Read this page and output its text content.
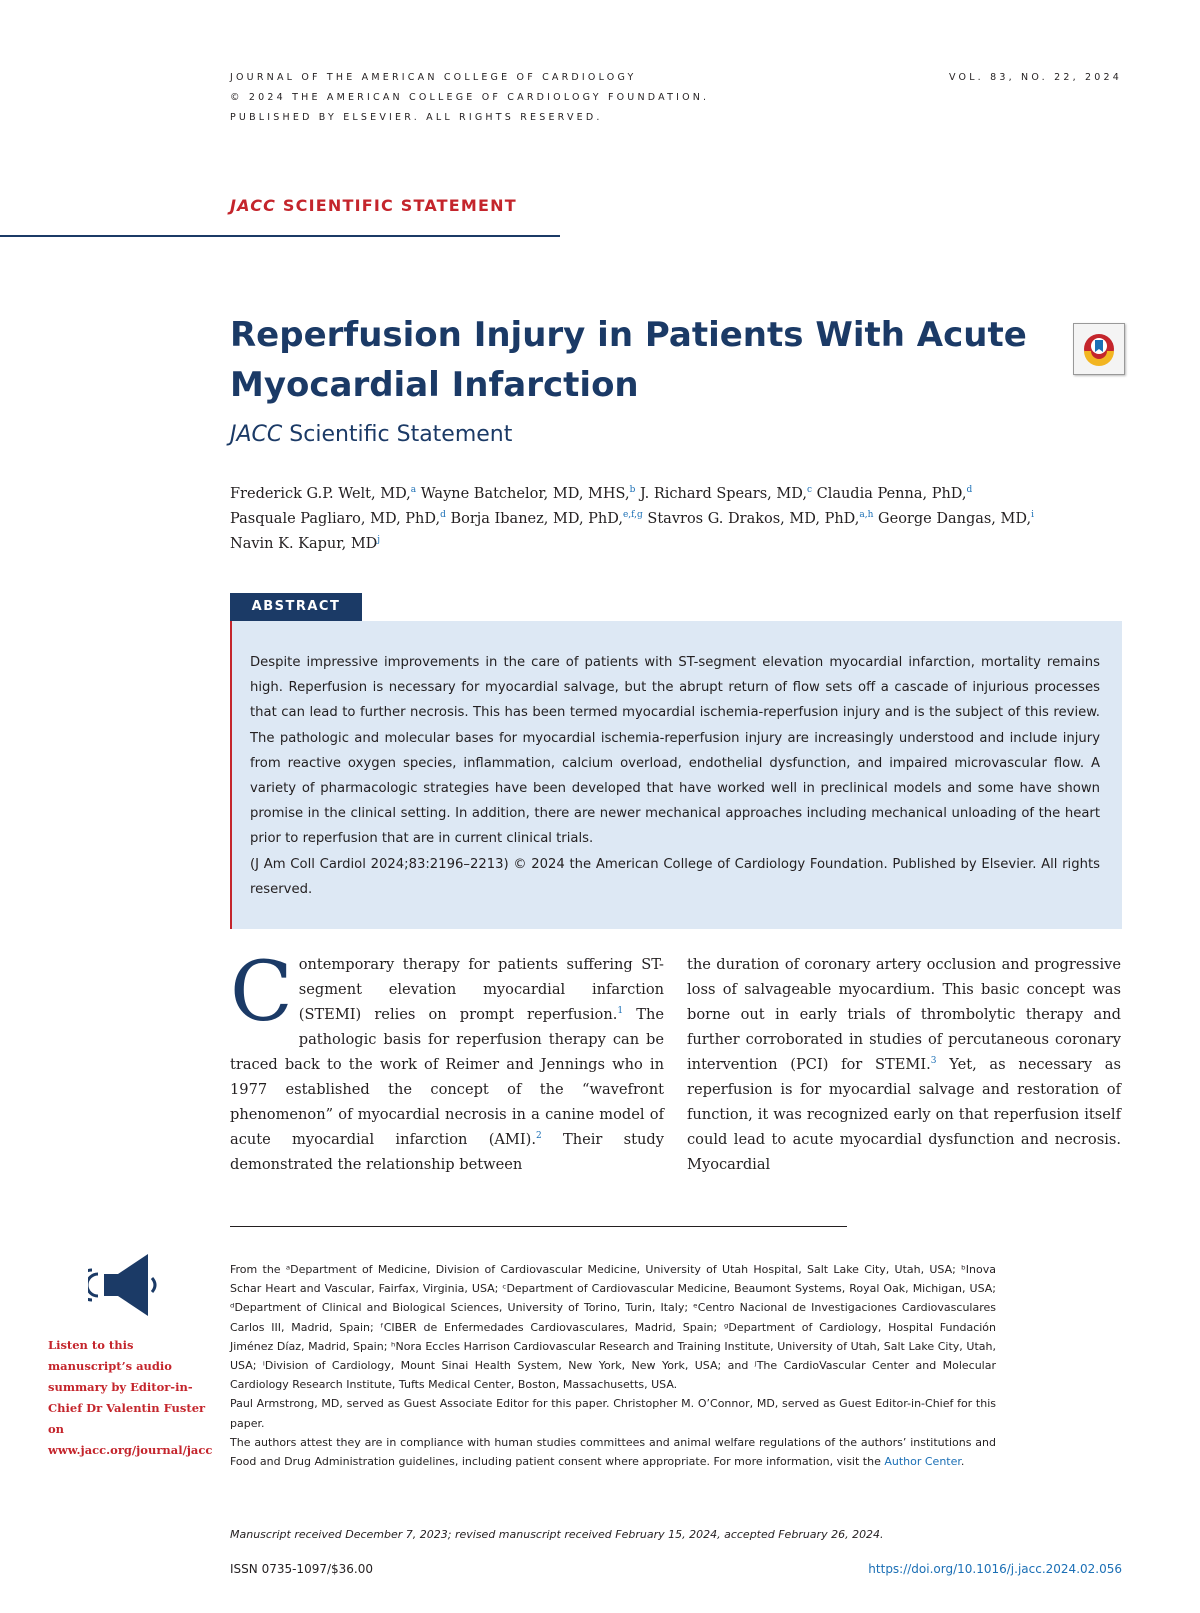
JOURNAL OF THE AMERICAN COLLEGE OF CARDIOLOGY
© 2024 THE AMERICAN COLLEGE OF CARDIOLOGY FOUNDATION.
PUBLISHED BY ELSEVIER. ALL RIGHTS RESERVED.
VOL. 83, NO. 22, 2024
JACC SCIENTIFIC STATEMENT
Reperfusion Injury in Patients With Acute Myocardial Infarction
JACC Scientific Statement
Frederick G.P. Welt, MD,$^a$ Wayne Batchelor, MD, MHS,$^b$ J. Richard Spears, MD,$^c$ Claudia Penna, PhD,$^d$
Pasquale Pagliaro, MD, PhD,$^d$ Borja Ibanez, MD, PhD,$^{e,f,g}$ Stavros G. Drakos, MD, PhD,$^{a,h}$ George Dangas, MD,$^i$
Navin K. Kapur, $MD^j$
ABSTRACT
Despite impressive improvements in the care of patients with ST-segment elevation myocardial infarction, mortality remains high. Reperfusion is necessary for myocardial salvage, but the abrupt return of flow sets off a cascade of injurious processes that can lead to further necrosis. This has been termed myocardial ischemia-reperfusion injury and is the subject of this review. The pathologic and molecular bases for myocardial ischemia-reperfusion injury are increasingly understood and include injury from reactive oxygen species, inflammation, calcium overload, endothelial dysfunction, and impaired microvascular flow. A variety of pharmacologic strategies have been developed that have worked well in preclinical models and some have shown promise in the clinical setting. In addition, there are newer mechanical approaches including mechanical unloading of the heart prior to reperfusion that are in current clinical trials.
(J Am Coll Cardiol 2024;83:2196–2213) © 2024 the American College of Cardiology Foundation. Published by Elsevier. All rights reserved.
Contemporary therapy for patients suffering ST-segment elevation myocardial infarction (STEMI) relies on prompt reperfusion.$^1$ The pathologic basis for reperfusion therapy can be traced back to the work of Reimer and Jennings who in 1977 established the concept of the “wavefront phenomenon” of myocardial necrosis in a canine model of acute myocardial infarction (AMI).$^2$ Their study demonstrated the relationship between
the duration of coronary artery occlusion and progressive loss of salvageable myocardium. This basic concept was borne out in early trials of thrombolytic therapy and further corroborated in studies of percutaneous coronary intervention (PCI) for STEMI.$^3$ Yet, as necessary as reperfusion is for myocardial salvage and restoration of function, it was recognized early on that reperfusion itself could lead to acute myocardial dysfunction and necrosis. Myocardial

From the ᵃDepartment of Medicine, Division of Cardiovascular Medicine, University of Utah Hospital, Salt Lake City, Utah, USA; ᵇInova Schar Heart and Vascular, Fairfax, Virginia, USA; ᶜDepartment of Cardiovascular Medicine, Beaumont Systems, Royal Oak, Michigan, USA; ᵈDepartment of Clinical and Biological Sciences, University of Torino, Turin, Italy; ᵉCentro Nacional de Investigaciones Cardiovasculares Carlos III, Madrid, Spain; ᶠCIBER de Enfermedades Cardiovasculares, Madrid, Spain; ᵍDepartment of Cardiology, Hospital Fundación Jiménez Díaz, Madrid, Spain; ʰNora Eccles Harrison Cardiovascular Research and Training Institute, University of Utah, Salt Lake City, Utah, USA; ⁱDivision of Cardiology, Mount Sinai Health System, New York, New York, USA; and ʲThe CardioVascular Center and Molecular Cardiology Research Institute, Tufts Medical Center, Boston, Massachusetts, USA.

Paul Armstrong, MD, served as Guest Associate Editor for this paper. Christopher M. O’Connor, MD, served as Guest Editor-in-Chief for this paper.

The authors attest they are in compliance with human studies committees and animal welfare regulations of the authors’ institutions and Food and Drug Administration guidelines, including patient consent where appropriate. For more information, visit the Author Center.

Listen to this manuscript’s audio summary by Editor-in-Chief Dr Valentin Fuster on www.jacc.org/journal/jacc
Manuscript received December 7, 2023; revised manuscript received February 15, 2024, accepted February 26, 2024.
ISSN 0735-1097/$36.00	https://doi.org/10.1016/j.jacc.2024.02.056
